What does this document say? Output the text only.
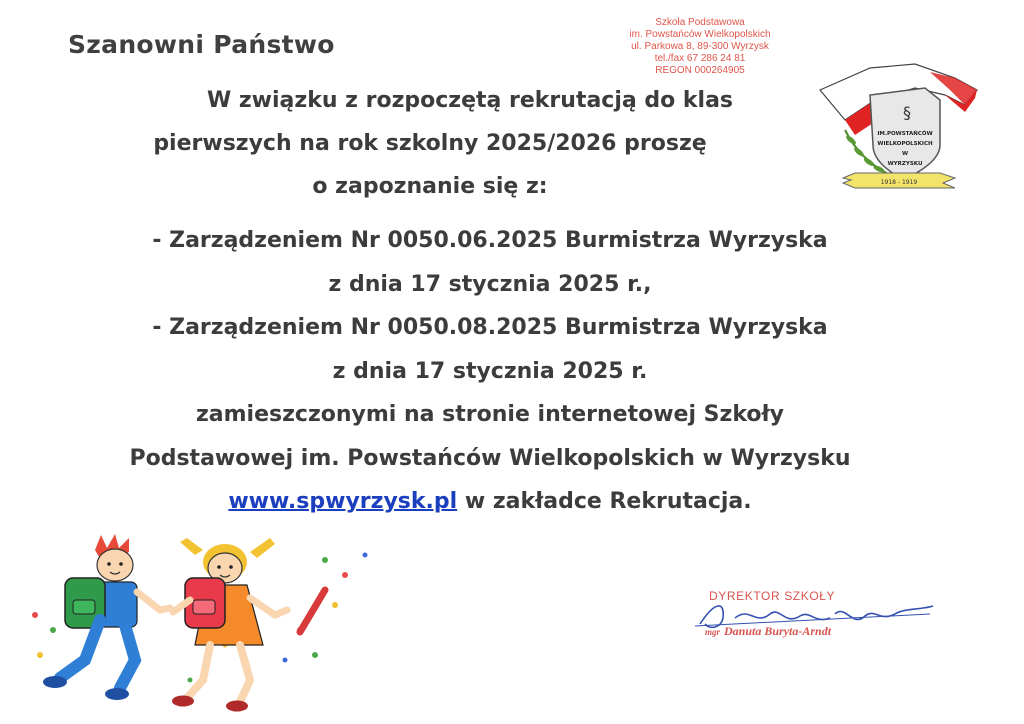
Szkoła Podstawowa
im. Powstańców Wielkopolskich
ul. Parkowa 8, 89-300 Wyrzysk
tel./fax 67 286 24 81
REGON 000264905
§
IM.POWSTAŃCÓW
WIELKOPOLSKICH
W
WYRZYSKU
1918 - 1919
Szanowni Państwo
W związku z rozpoczętą rekrutacją do klas
pierwszych na rok szkolny 2025/2026 proszę
o zapoznanie się z:
- Zarządzeniem Nr 0050.06.2025 Burmistrza Wyrzyska
z dnia 17 stycznia 2025 r.,
- Zarządzeniem Nr 0050.08.2025 Burmistrza Wyrzyska
z dnia 17 stycznia 2025 r.
zamieszczonymi na stronie internetowej Szkoły
Podstawowej im. Powstańców Wielkopolskich w Wyrzysku
www.spwyrzysk.pl w zakładce Rekrutacja.
DYREKTOR SZKOŁY
mgr Danuta Buryta-Arndt
